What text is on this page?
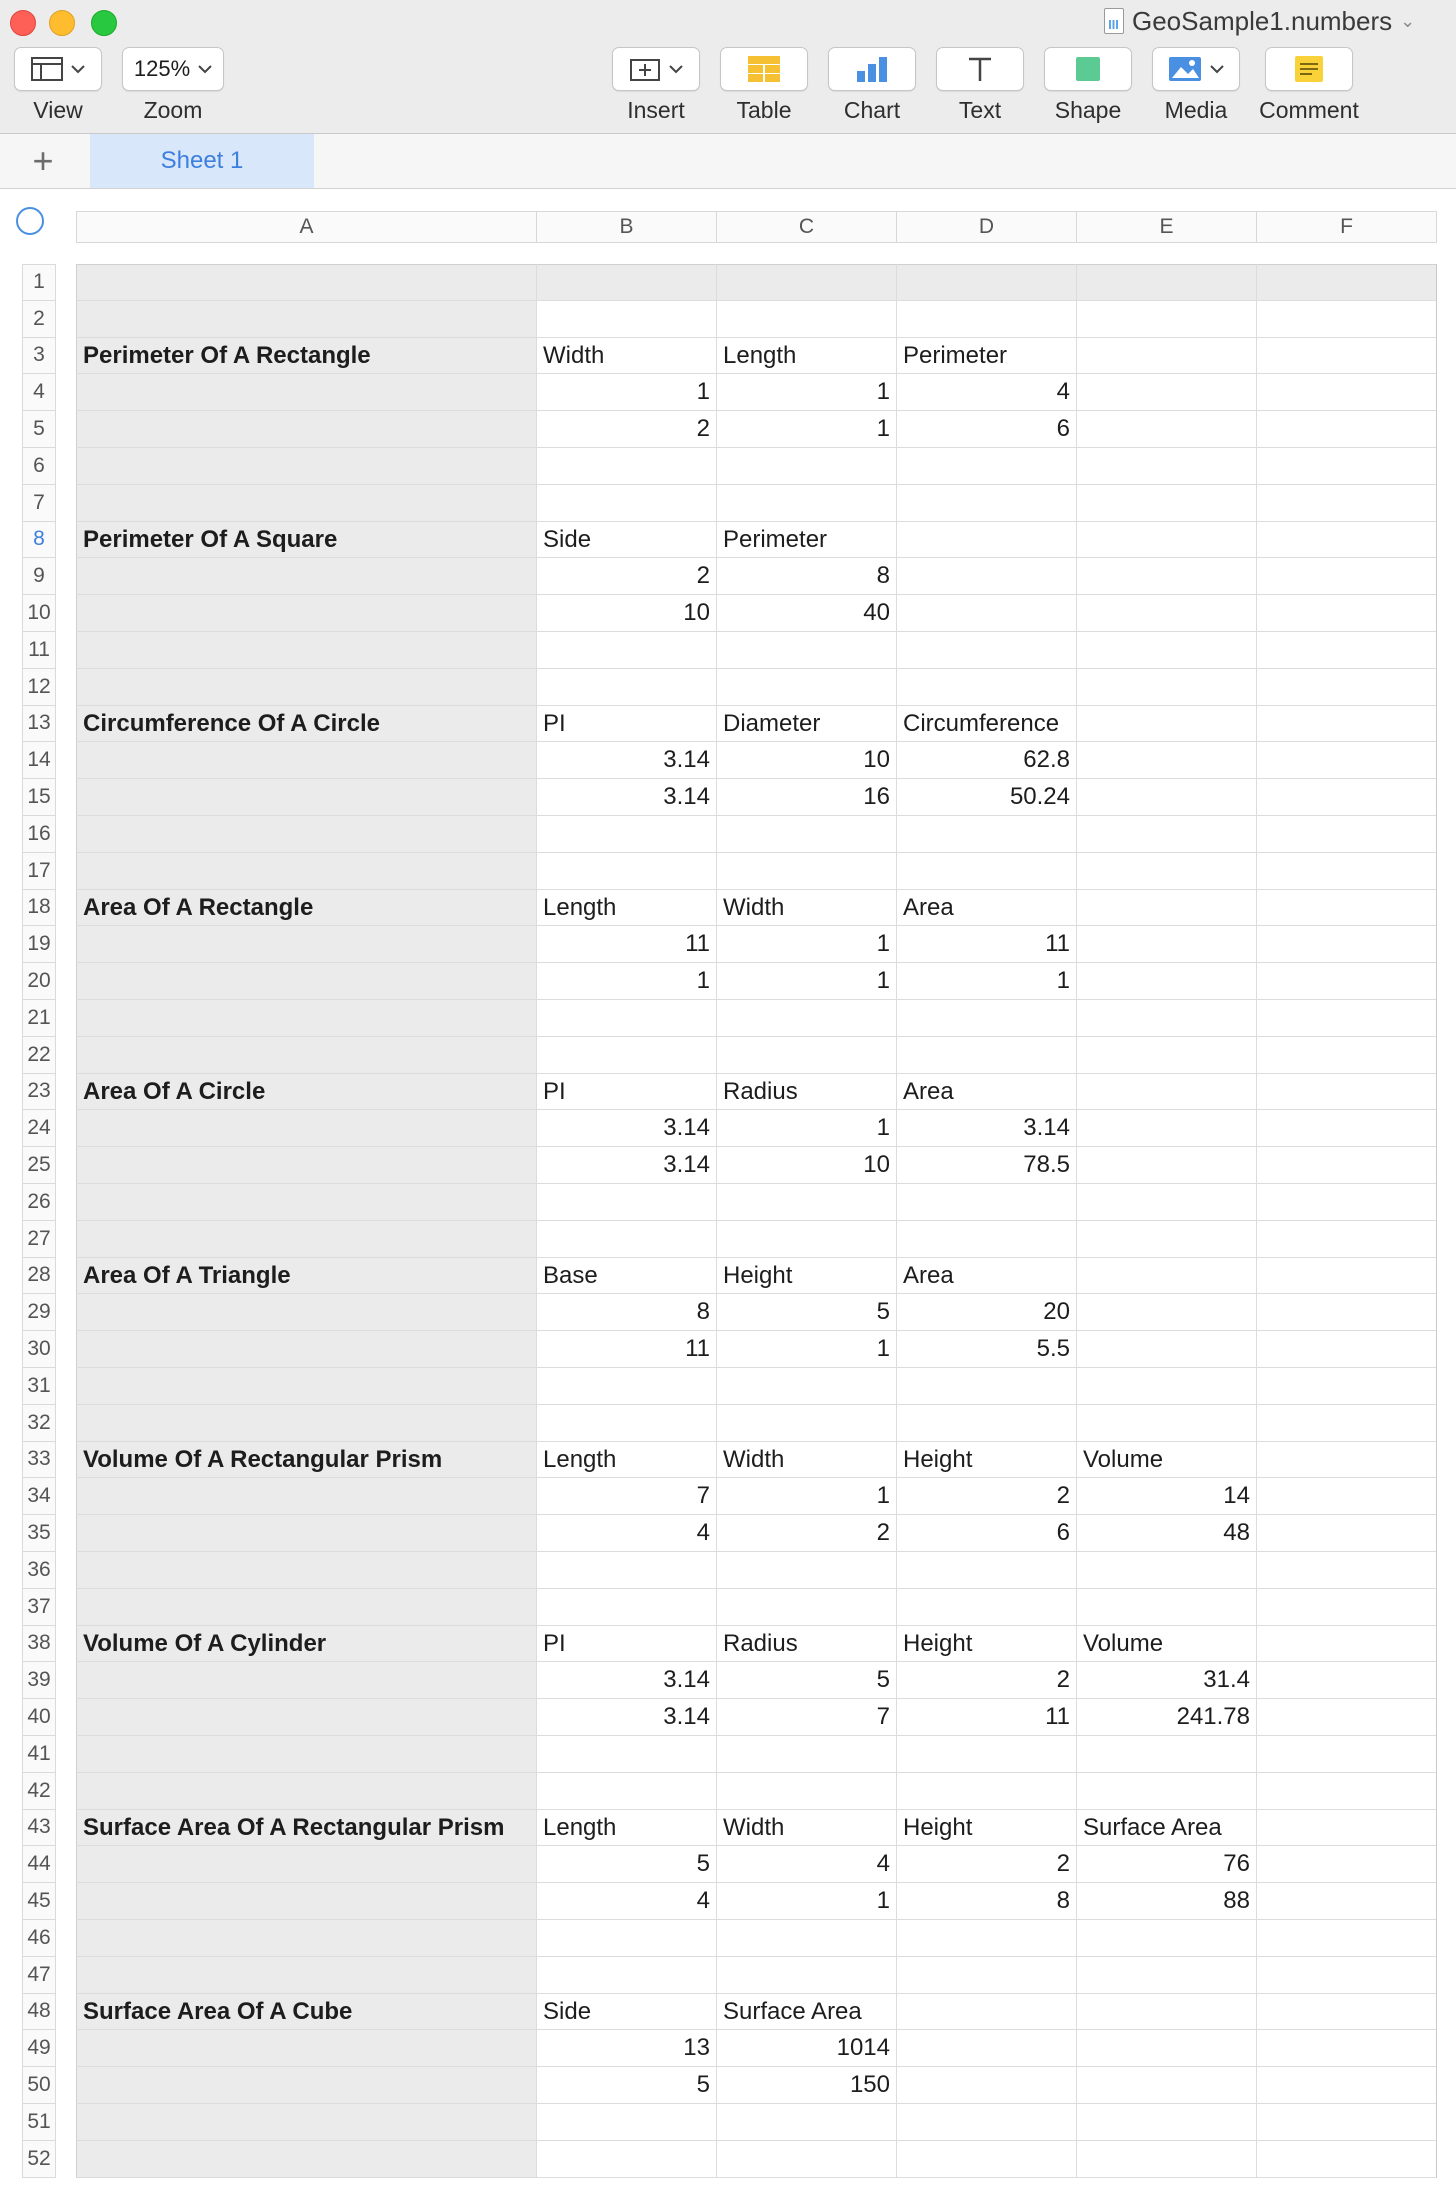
GeoSample1.numbers ⌄
View
125%
Zoom	Insert	Table	Chart	Text	Shape	Media	Comment
+	Sheet 1
A	B	C	D	E	F
1
2
3
4
5
6
7
8
9
10
11
12
13
14
15
16
17
18
19
20
21
22
23
24
25
26
27
28
29
30
31
32
33
34
35
36
37
38
39
40
41
42
43
44
45
46
47
48
49
50
51
52
Perimeter Of A Rectangle	Width	Length	Perimeter
1	1	4
2	1	6
Perimeter Of A Square	Side	Perimeter
2	8
10	40
Circumference Of A Circle	PI	Diameter	Circumference
3.14	10	62.8
3.14	16	50.24
Area Of A Rectangle	Length	Width	Area
11	1	11
1	1	1
Area Of A Circle	PI	Radius	Area
3.14	1	3.14
3.14	10	78.5
Area Of A Triangle	Base	Height	Area
8	5	20
11	1	5.5
Volume Of A Rectangular Prism	Length	Width	Height	Volume
7	1	2	14
4	2	6	48
Volume Of A Cylinder	PI	Radius	Height	Volume
3.14	5	2	31.4
3.14	7	11	241.78
Surface Area Of A Rectangular Prism	Length	Width	Height	Surface Area
5	4	2	76
4	1	8	88
Surface Area Of A Cube	Side	Surface Area
13	1014
5	150
